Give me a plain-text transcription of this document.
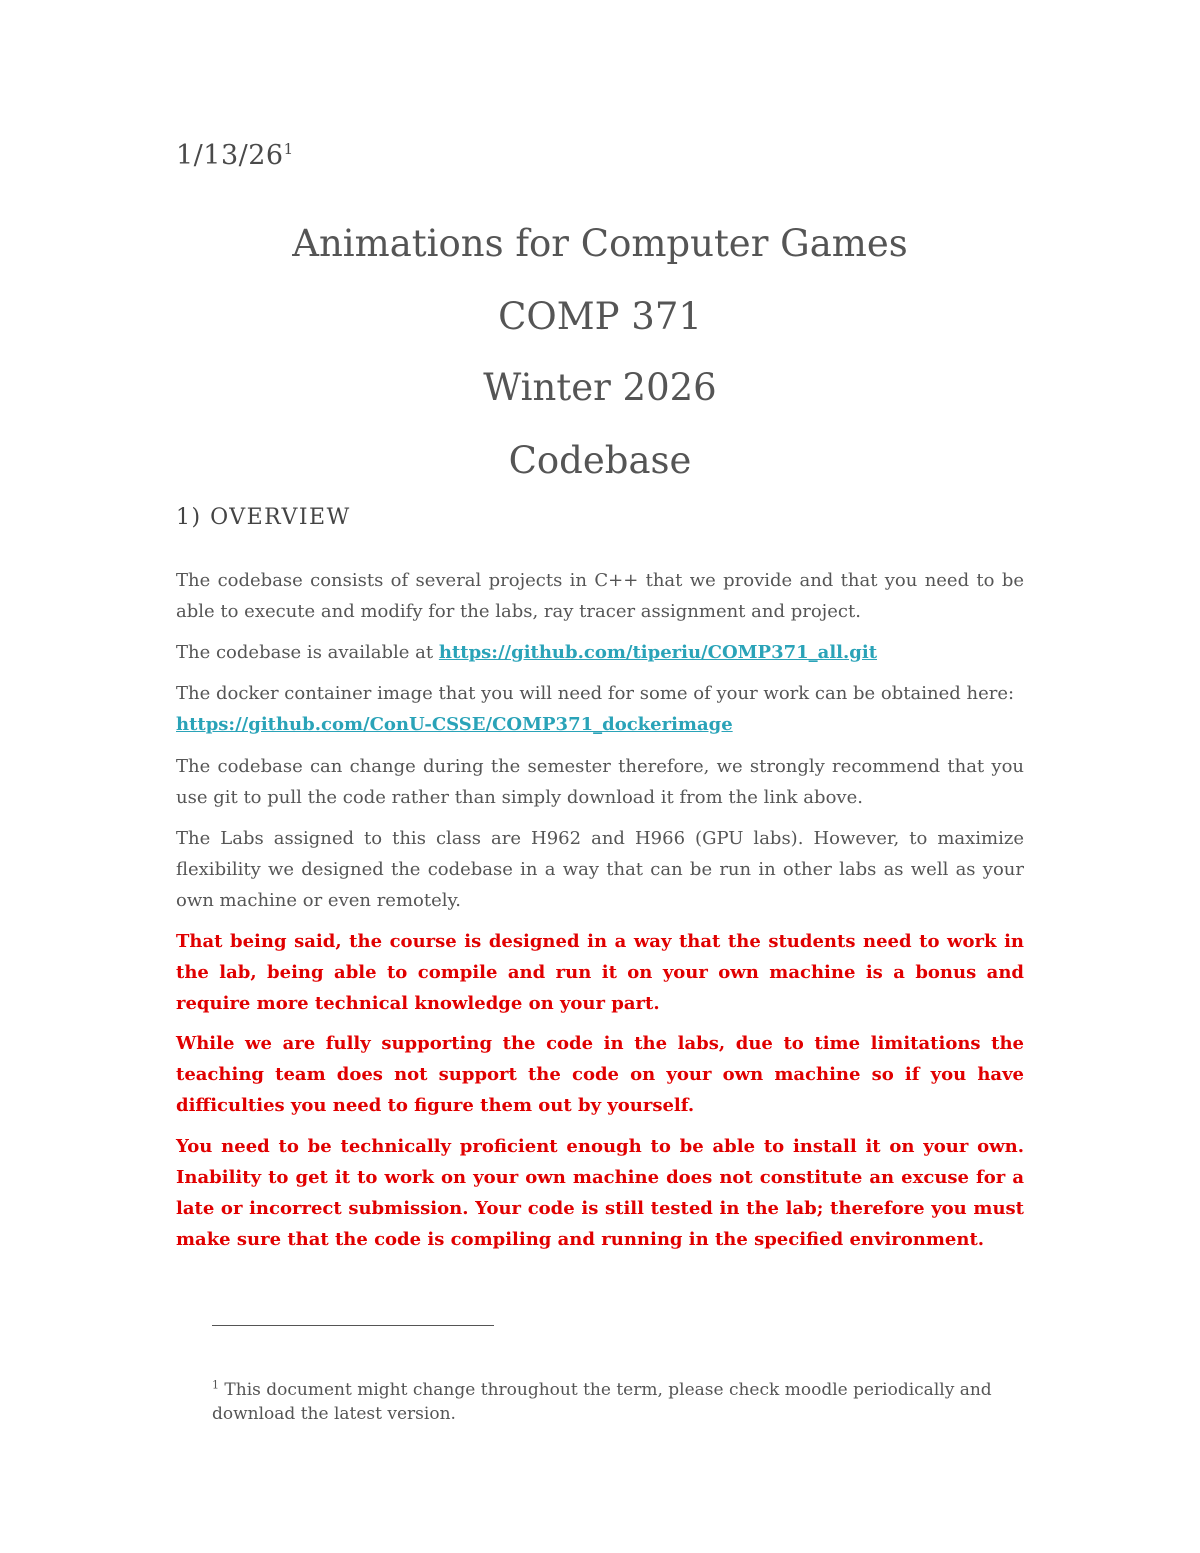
$1/13/26^1$
Animations for Computer Games
COMP 371
Winter 2026
Codebase
1) OVERVIEW
The codebase consists of several projects in C++ that we provide and that you need to be able to execute and modify for the labs, ray tracer assignment and project.
The codebase is available at https://github.com/tiperiu/COMP371_all.git
The docker container image that you will need for some of your work can be obtained here: https://github.com/ConU-CSSE/COMP371_dockerimage
The codebase can change during the semester therefore, we strongly recommend that you use git to pull the code rather than simply download it from the link above.
The Labs assigned to this class are H962 and H966 (GPU labs). However, to maximize flexibility we designed the codebase in a way that can be run in other labs as well as your own machine or even remotely.
That being said, the course is designed in a way that the students need to work in the lab, being able to compile and run it on your own machine is a bonus and require more technical knowledge on your part.
While we are fully supporting the code in the labs, due to time limitations the teaching team does not support the code on your own machine so if you have difficulties you need to figure them out by yourself.
You need to be technically proficient enough to be able to install it on your own. Inability to get it to work on your own machine does not constitute an excuse for a late or incorrect submission. Your code is still tested in the lab; therefore you must make sure that the code is compiling and running in the specified environment.
$^1$ This document might change throughout the term, please check moodle periodically and download the latest version.
